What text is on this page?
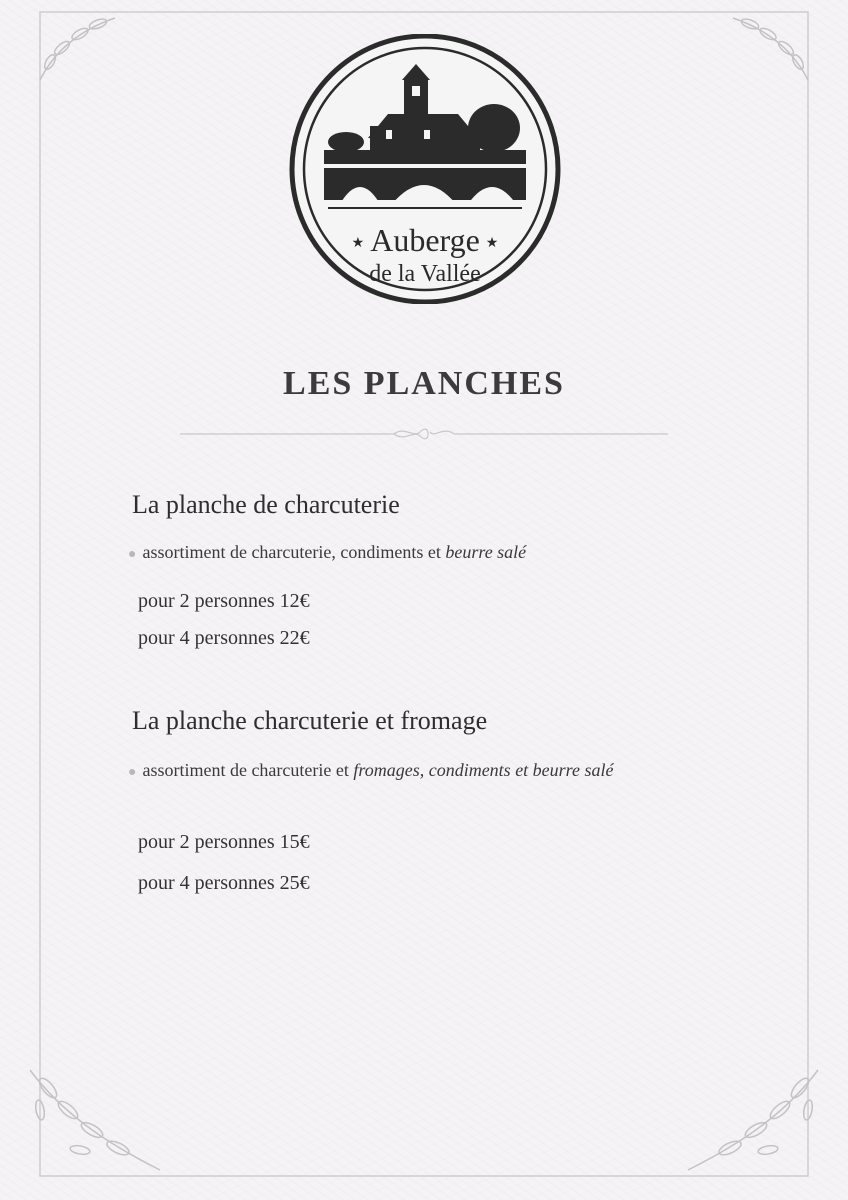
★ Auberge ★
de la Vallée
LES PLANCHES
La planche de charcuterie
● assortiment de charcuterie, condiments et beurre salé
pour 2 personnes 12€
pour 4 personnes 22€
La planche charcuterie et fromage
● assortiment de charcuterie et fromages, condiments et beurre salé
pour 2 personnes 15€
pour 4 personnes 25€
